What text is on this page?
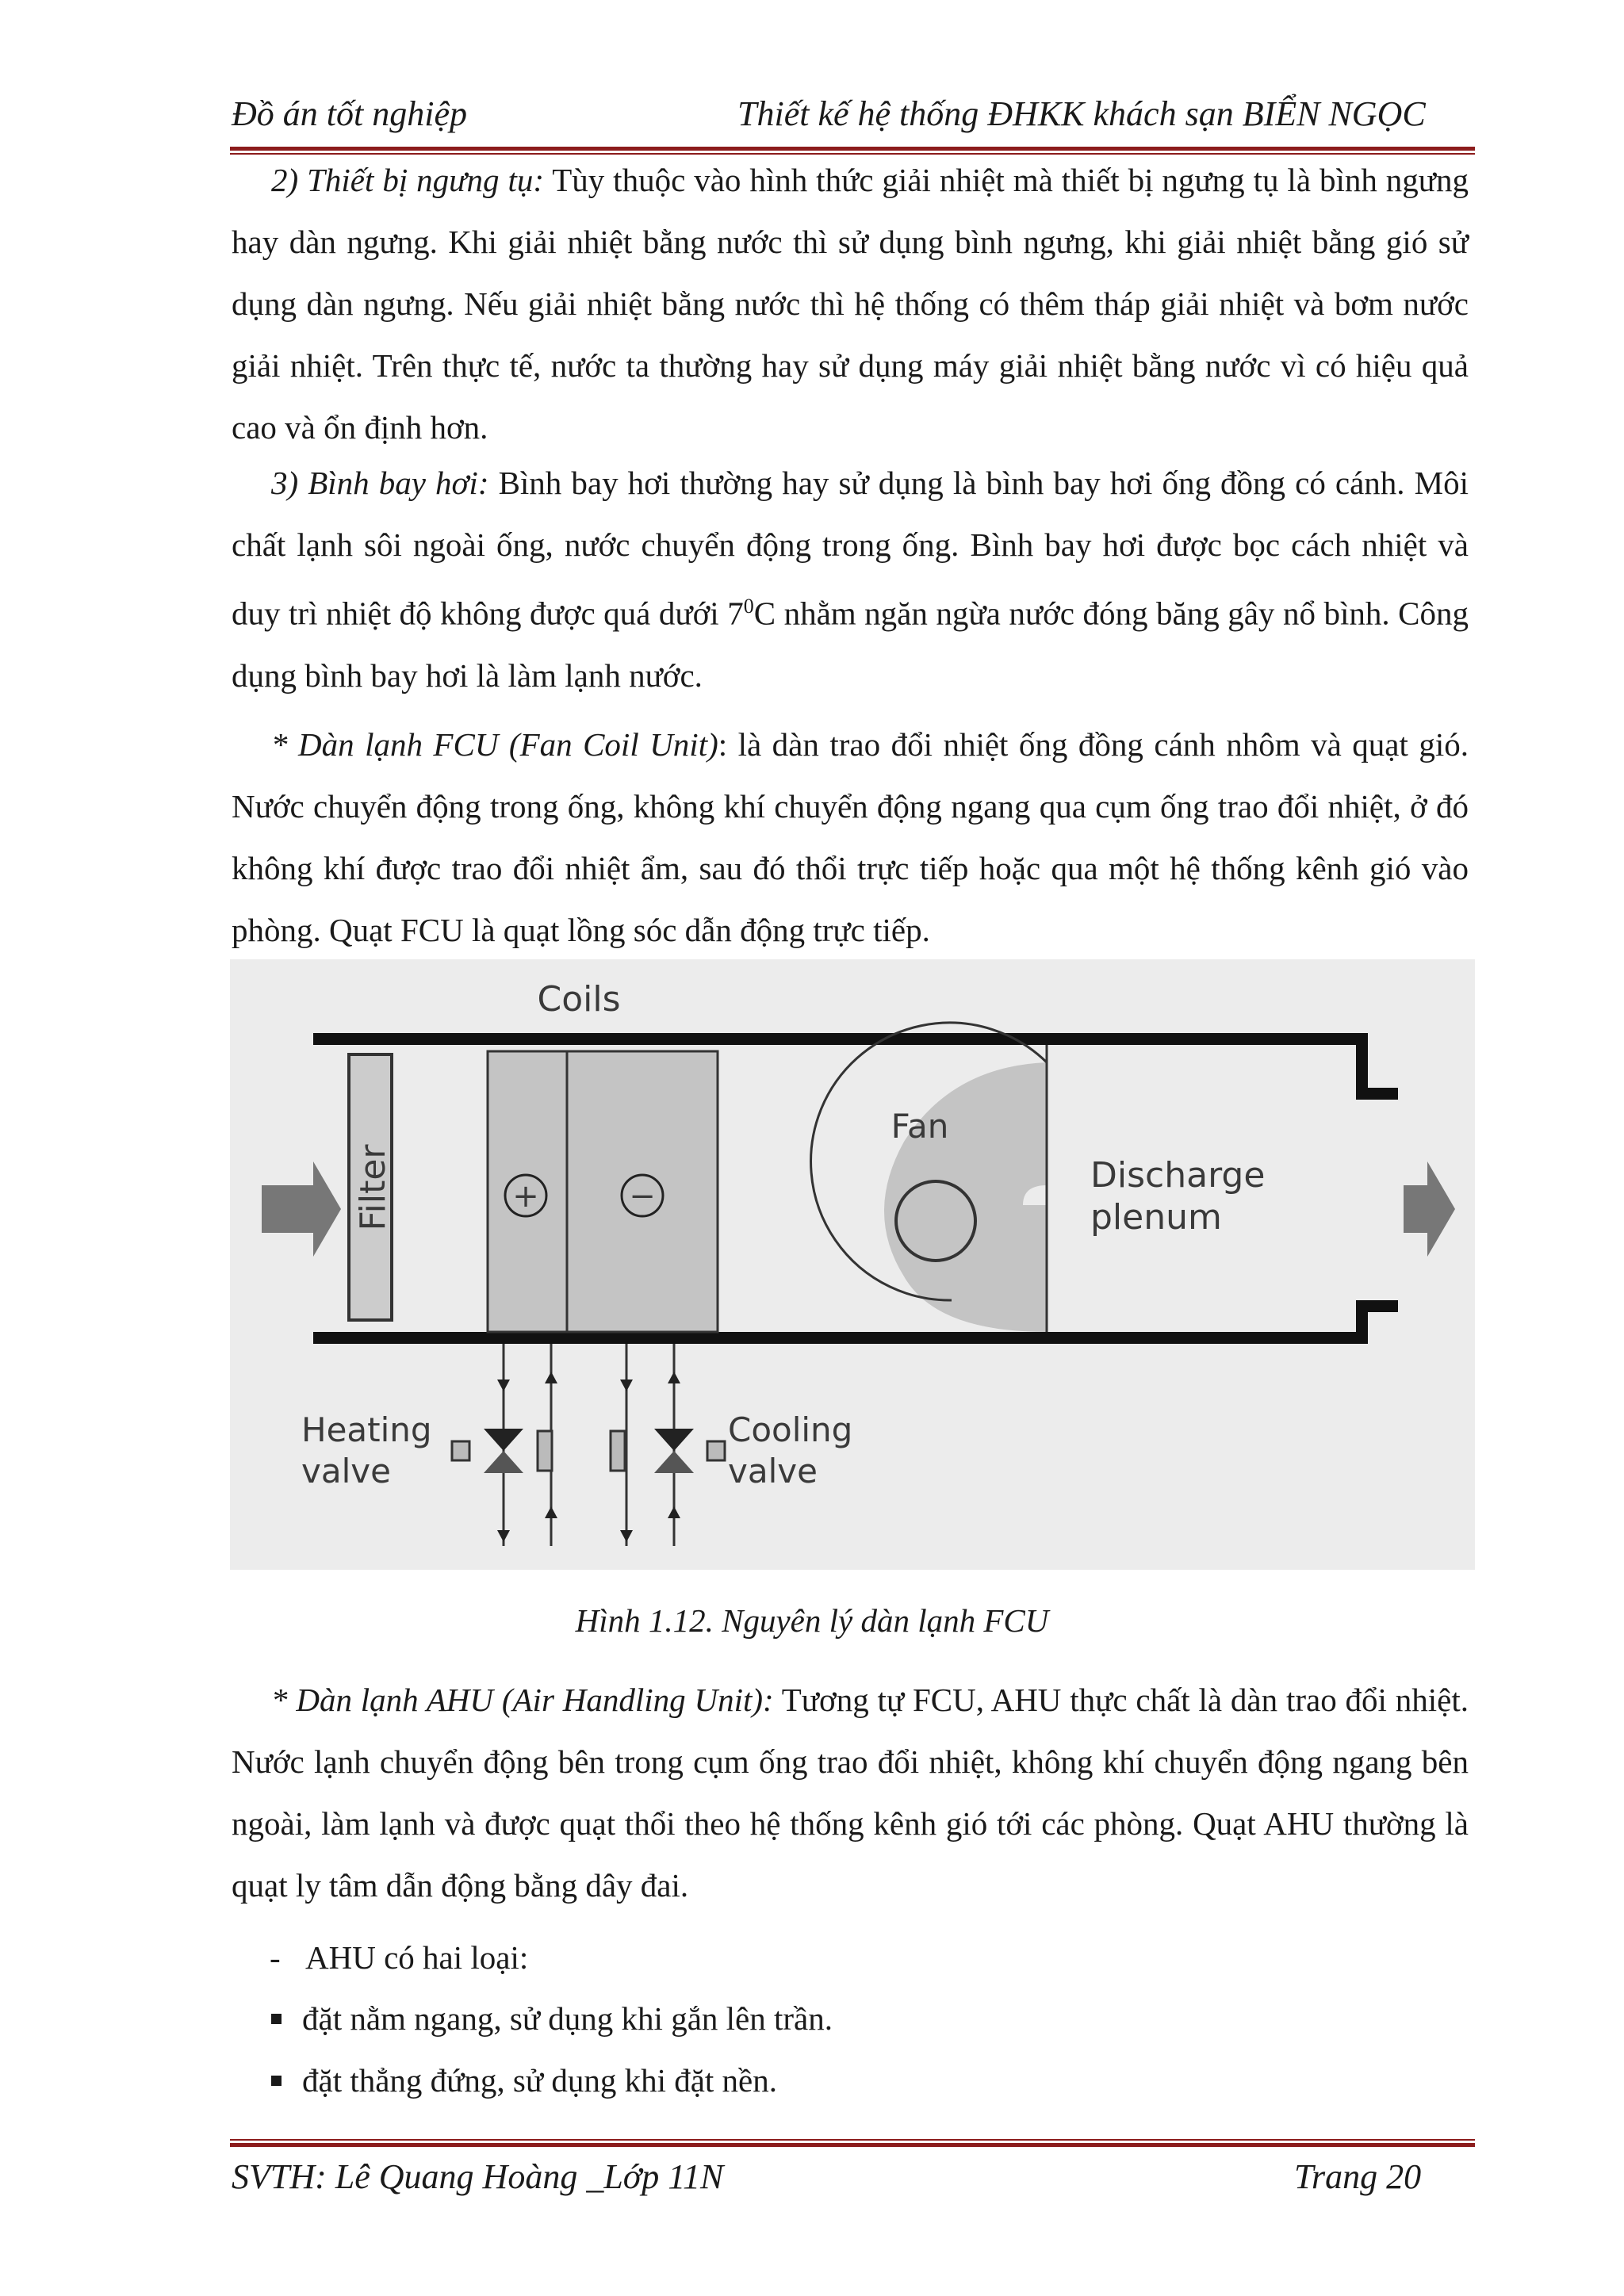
Đồ án tốt nghiệp	Thiết kế hệ thống ĐHKK khách sạn BIỂN NGỌC

2) Thiết bị ngưng tụ: Tùy thuộc vào hình thức giải nhiệt mà thiết bị ngưng tụ là bình ngưng hay dàn ngưng. Khi giải nhiệt bằng nước thì sử dụng bình ngưng, khi giải nhiệt bằng gió sử dụng dàn ngưng. Nếu giải nhiệt bằng nước thì hệ thống có thêm tháp giải nhiệt và bơm nước giải nhiệt. Trên thực tế, nước ta thường hay sử dụng máy giải nhiệt bằng nước vì có hiệu quả cao và ổn định hơn.

3) Bình bay hơi: Bình bay hơi thường hay sử dụng là bình bay hơi ống đồng có cánh. Môi chất lạnh sôi ngoài ống, nước chuyển động trong ống. Bình bay hơi được bọc cách nhiệt và duy trì nhiệt độ không được quá dưới $7^0C$ nhằm ngăn ngừa nước đóng băng gây nổ bình. Công dụng bình bay hơi là làm lạnh nước.

* Dàn lạnh FCU (Fan Coil Unit): là dàn trao đổi nhiệt ống đồng cánh nhôm và quạt gió. Nước chuyển động trong ống, không khí chuyển động ngang qua cụm ống trao đổi nhiệt, ở đó không khí được trao đổi nhiệt ẩm, sau đó thổi trực tiếp hoặc qua một hệ thống kênh gió vào phòng. Quạt FCU là quạt lồng sóc dẫn động trực tiếp.

Filter	+	−
Coils
Fan
Discharge
plenum
Heating
valve
Cooling
valve
Hình 1.12. Nguyên lý dàn lạnh FCU

* Dàn lạnh AHU (Air Handling Unit): Tương tự FCU, AHU thực chất là dàn trao đổi nhiệt. Nước lạnh chuyển động bên trong cụm ống trao đổi nhiệt, không khí chuyển động ngang bên ngoài, làm lạnh và được quạt thổi theo hệ thống kênh gió tới các phòng. Quạt AHU thường là quạt ly tâm dẫn động bằng dây đai.

- AHU có hai loại:
đặt nằm ngang, sử dụng khi gắn lên trần.
đặt thẳng đứng, sử dụng khi đặt nền.
SVTH: Lê Quang Hoàng _Lớp 11N	Trang 20
